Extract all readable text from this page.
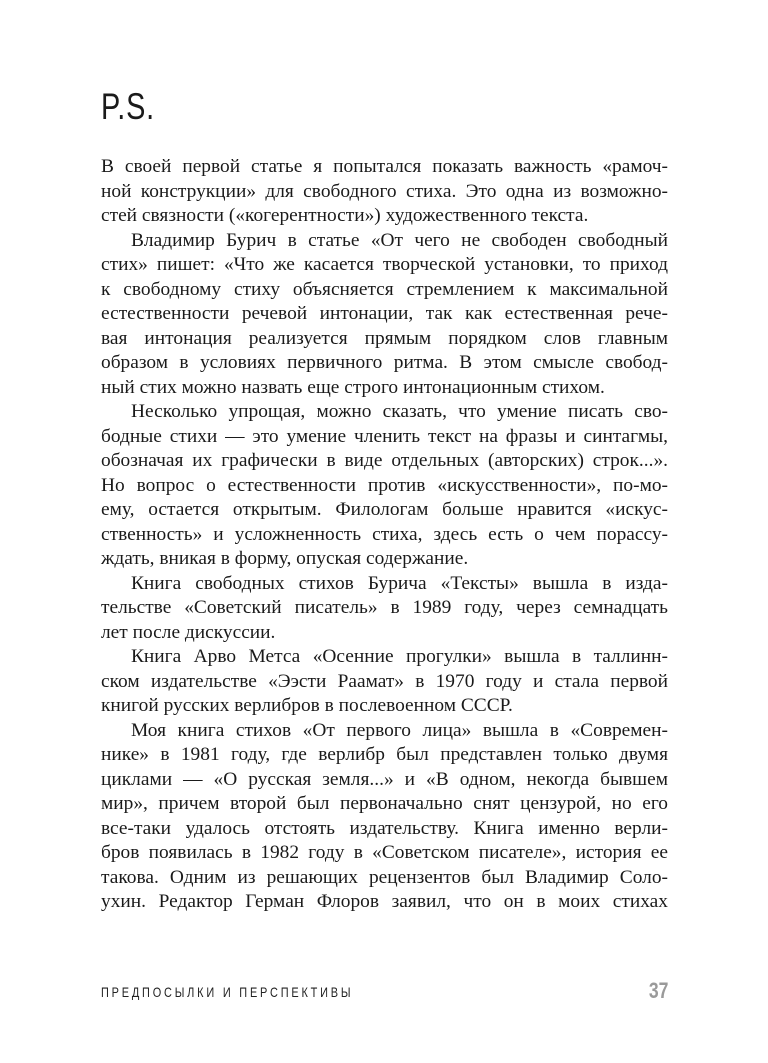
P.S.
В своей первой статье я попытался показать важность «рамоч-
ной конструкции» для свободного стиха. Это одна из возможно-
стей связности («когерентности») художественного текста.
Владимир Бурич в статье «От чего не свободен свободный
стих» пишет: «Что же касается творческой установки, то приход
к свободному стиху объясняется стремлением к максимальной
естественности речевой интонации, так как естественная рече-
вая интонация реализуется прямым порядком слов главным
образом в условиях первичного ритма. В этом смысле свобод-
ный стих можно назвать еще строго интонационным стихом.
Несколько упрощая, можно сказать, что умение писать сво-
бодные стихи — это умение членить текст на фразы и синтагмы,
обозначая их графически в виде отдельных (авторских) строк...».
Но вопрос о естественности против «искусственности», по-мо-
ему, остается открытым. Филологам больше нравится «искус-
ственность» и усложненность стиха, здесь есть о чем порассу-
ждать, вникая в форму, опуская содержание.
Книга свободных стихов Бурича «Тексты» вышла в изда-
тельстве «Советский писатель» в 1989 году, через семнадцать
лет после дискуссии.
Книга Арво Метса «Осенние прогулки» вышла в таллинн-
ском издательстве «Ээсти Раамат» в 1970 году и стала первой
книгой русских верлибров в послевоенном СССР.
Моя книга стихов «От первого лица» вышла в «Современ-
нике» в 1981 году, где верлибр был представлен только двумя
циклами — «О русская земля...» и «В одном, некогда бывшем
мир», причем второй был первоначально снят цензурой, но его
все-таки удалось отстоять издательству. Книга именно верли-
бров появилась в 1982 году в «Советском писателе», история ее
такова. Одним из решающих рецензентов был Владимир Соло-
ухин. Редактор Герман Флоров заявил, что он в моих стихах
ПРЕДПОСЫЛКИ И ПЕРСПЕКТИВЫ	37
